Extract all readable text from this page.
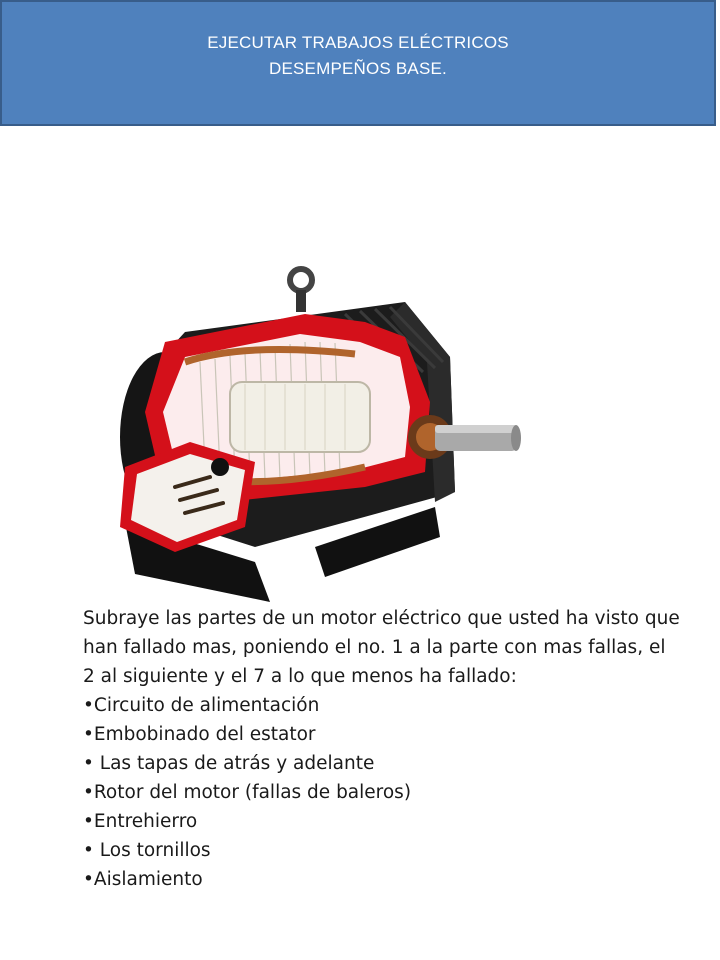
EJECUTAR TRABAJOS ELÉCTRICOS
DESEMPEÑOS BASE.

Subraye las partes de un motor eléctrico que usted ha visto que han fallado mas, poniendo el no. 1 a la parte con mas fallas, el 2 al siguiente y el 7 a lo que menos ha fallado:

•Circuito de alimentación
•Embobinado del estator
• Las tapas de atrás y adelante
•Rotor del motor (fallas de baleros)
•Entrehierro
• Los tornillos
•Aislamiento
